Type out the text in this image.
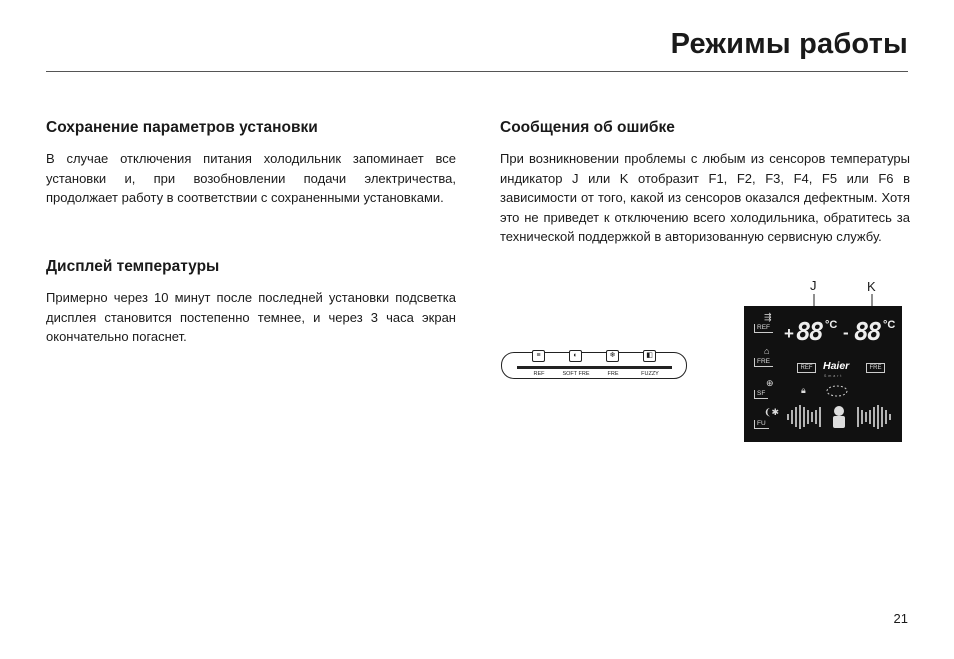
Режимы работы
Сохранение параметров установки

В случае отключения питания холодильник запоминает все установки и, при возобновлении подачи электричества, продолжает работу в соответствии с сохраненными установками.

Дисплей температуры

Примерно через 10 минут после последней установки подсветка дисплея становится постепенно темнее, и через 3 часа экран окончательно погаснет.

Сообщения об ошибке

При возникновении проблемы с любым из сенсоров температуры индикатор J или K отобразит F1, F2, F3, F4, F5 или F6 в зависимости от того, какой из сенсоров оказался дефектным. Хотя это не приведет к отключению всего холодильника, обратитесь за технической поддержкой в авторизованную сервисную службу.

≡
REF
◐
SOFT FRE
❄
FRE
◧
FUZZY
J	K
⇶
REF
⌂
FRE
⊕
SF
❨✱
FU
+ 88 °C - 88 °C
REF	Haier
Smart
FRE
🔒︎
21
